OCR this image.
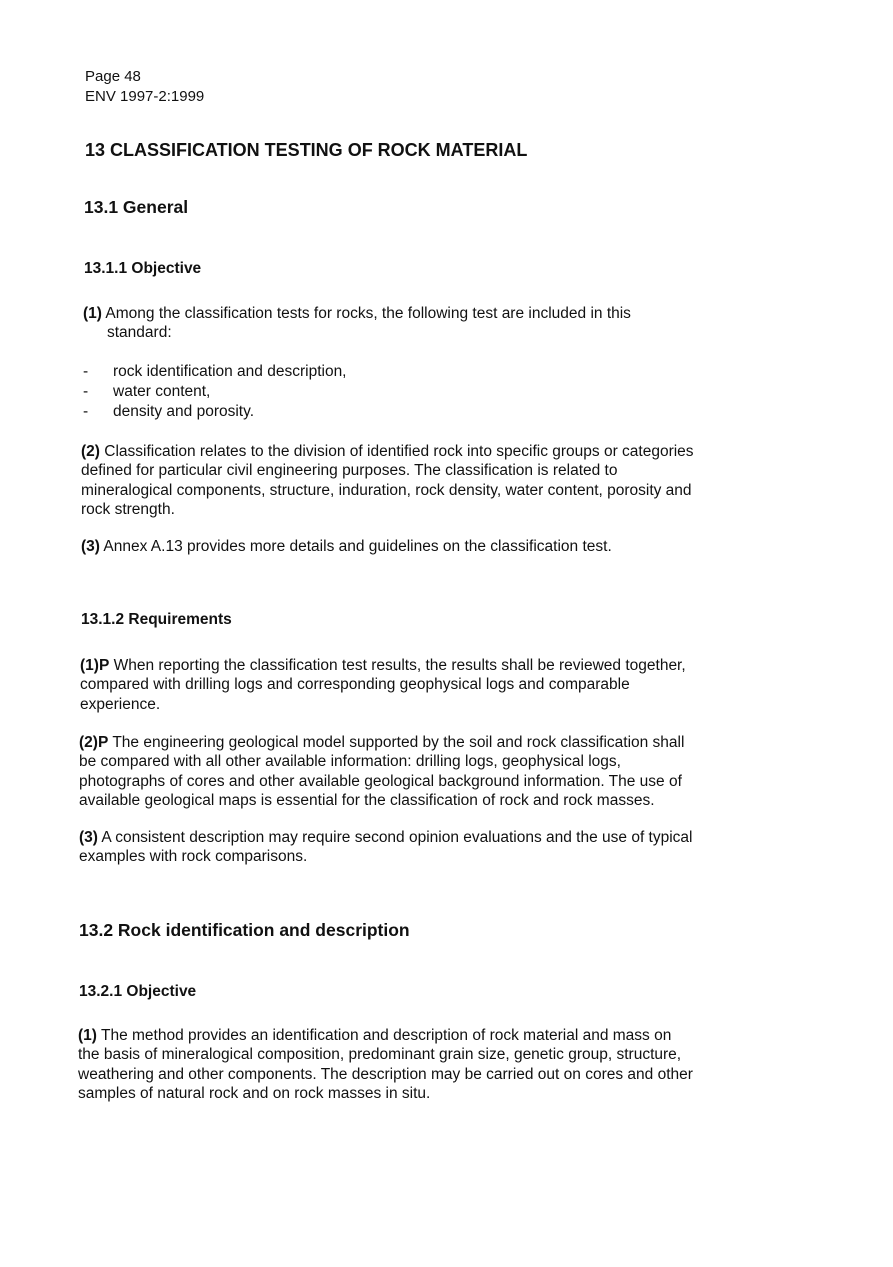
Page 48
ENV 1997-2:1999
13 CLASSIFICATION TESTING OF ROCK MATERIAL
13.1 General
13.1.1 Objective
(1) Among the classification tests for rocks, the following test are included in this
standard:
- rock identification and description,
- water content,
- density and porosity.
(2) Classification relates to the division of identified rock into specific groups or categories
defined for particular civil engineering purposes. The classification is related to
mineralogical components, structure, induration, rock density, water content, porosity and
rock strength.
(3) Annex A.13 provides more details and guidelines on the classification test.
13.1.2 Requirements
(1)P When reporting the classification test results, the results shall be reviewed together,
compared with drilling logs and corresponding geophysical logs and comparable
experience.
(2)P The engineering geological model supported by the soil and rock classification shall
be compared with all other available information: drilling logs, geophysical logs,
photographs of cores and other available geological background information. The use of
available geological maps is essential for the classification of rock and rock masses.
(3) A consistent description may require second opinion evaluations and the use of typical
examples with rock comparisons.
13.2 Rock identification and description
13.2.1 Objective
(1) The method provides an identification and description of rock material and mass on
the basis of mineralogical composition, predominant grain size, genetic group, structure,
weathering and other components. The description may be carried out on cores and other
samples of natural rock and on rock masses in situ.
